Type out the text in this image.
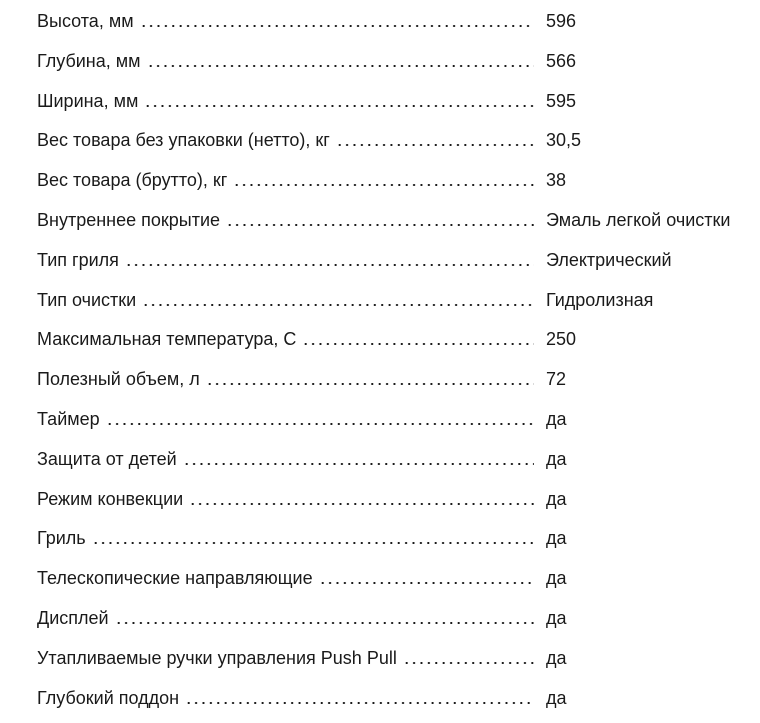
Высота, мм	596
Глубина, мм	566
Ширина, мм	595
Вес товара без упаковки (нетто), кг	30,5
Вес товара (брутто), кг	38
Внутреннее покрытие	Эмаль легкой очистки
Тип гриля	Электрический
Тип очистки	Гидролизная
Максимальная температура, С	250
Полезный объем, л	72
Таймер	да
Защита от детей	да
Режим конвекции	да
Гриль	да
Телескопические направляющие	да
Дисплей	да
Утапливаемые ручки управления Push Pull	да
Глубокий поддон	да
